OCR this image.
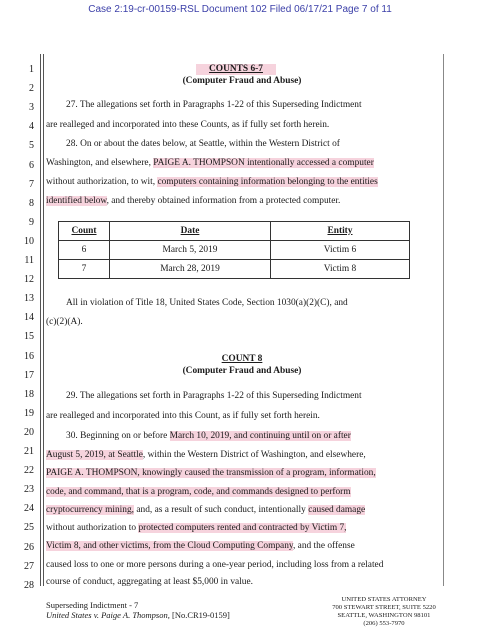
Case 2:19-cr-00159-RSL Document 102 Filed 06/17/21 Page 7 of 11
1
2
3
4
5
6
7
8
9
10
11
12
13
14
15
16
17
18
19
20
21
22
23
24
25
26
27
28
COUNTS 6-7
(Computer Fraud and Abuse)
27. The allegations set forth in Paragraphs 1-22 of this Superseding Indictment
are realleged and incorporated into these Counts, as if fully set forth herein.
28. On or about the dates below, at Seattle, within the Western District of
Washington, and elsewhere, PAIGE A. THOMPSON intentionally accessed a computer
without authorization, to wit, computers containing information belonging to the entities
identified below, and thereby obtained information from a protected computer.
Count	Date	Entity
6	March 5, 2019	Victim 6
7	March 28, 2019	Victim 8
All in violation of Title 18, United States Code, Section 1030(a)(2)(C), and
(c)(2)(A).
COUNT 8
(Computer Fraud and Abuse)
29. The allegations set forth in Paragraphs 1-22 of this Superseding Indictment
are realleged and incorporated into this Count, as if fully set forth herein.
30. Beginning on or before March 10, 2019, and continuing until on or after
August 5, 2019, at Seattle, within the Western District of Washington, and elsewhere,
PAIGE A. THOMPSON, knowingly caused the transmission of a program, information,
code, and command, that is a program, code, and commands designed to perform
cryptocurrency mining, and, as a result of such conduct, intentionally caused damage
without authorization to protected computers rented and contracted by Victim 7,
Victim 8, and other victims, from the Cloud Computing Company, and the offense
caused loss to one or more persons during a one-year period, including loss from a related
course of conduct, aggregating at least $5,000 in value.
Superseding Indictment - 7
United States v. Paige A. Thompson, [No.CR19-0159]
UNITED STATES ATTORNEY
700 STEWART STREET, SUITE 5220
SEATTLE, WASHINGTON 98101
(206) 553-7970
